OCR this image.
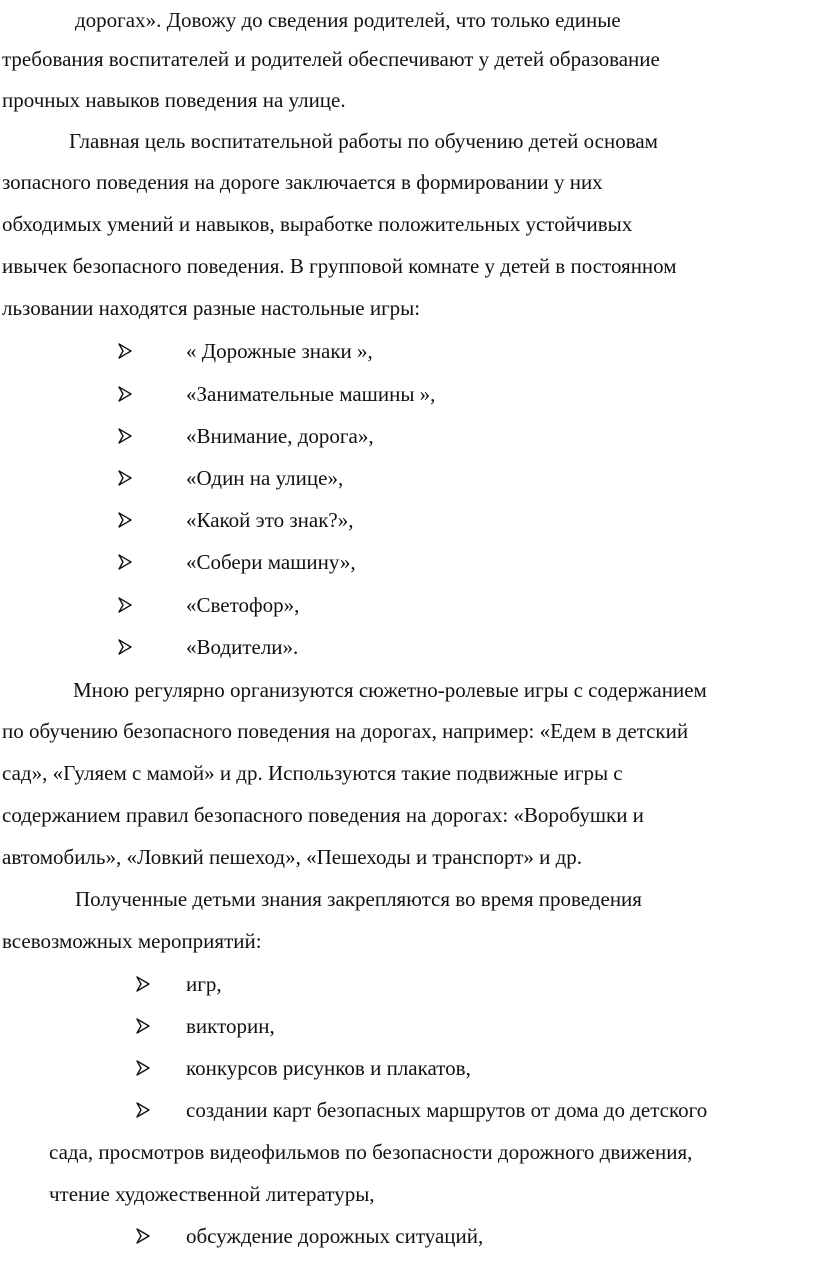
дорогах». Довожу до сведения родителей, что только единые
требования воспитателей и родителей обеспечивают у детей образование
прочных навыков поведения на улице.
Главная цель воспитательной работы по обучению детей основам
зопасного поведения на дороге заключается в формировании у них
обходимых умений и навыков, выработке положительных устойчивых
ивычек безопасного поведения. В групповой комнате у детей в постоянном
льзовании находятся разные настольные игры:
« Дорожные знаки »,
«Занимательные машины »,
«Внимание, дорога»,
«Один на улице»,
«Какой это знак?»,
«Собери машину»,
«Светофор»,
«Водители».
Мною регулярно организуются сюжетно-ролевые игры с содержанием
по обучению безопасного поведения на дорогах, например: «Едем в детский
сад», «Гуляем с мамой» и др. Используются такие подвижные игры с
содержанием правил безопасного поведения на дорогах: «Воробушки и
автомобиль», «Ловкий пешеход», «Пешеходы и транспорт» и др.
Полученные детьми знания закрепляются во время проведения
всевозможных мероприятий:
игр,
викторин,
конкурсов рисунков и плакатов,
создании карт безопасных маршрутов от дома до детского
сада, просмотров видеофильмов по безопасности дорожного движения,
чтение художественной литературы,
обсуждение дорожных ситуаций,
